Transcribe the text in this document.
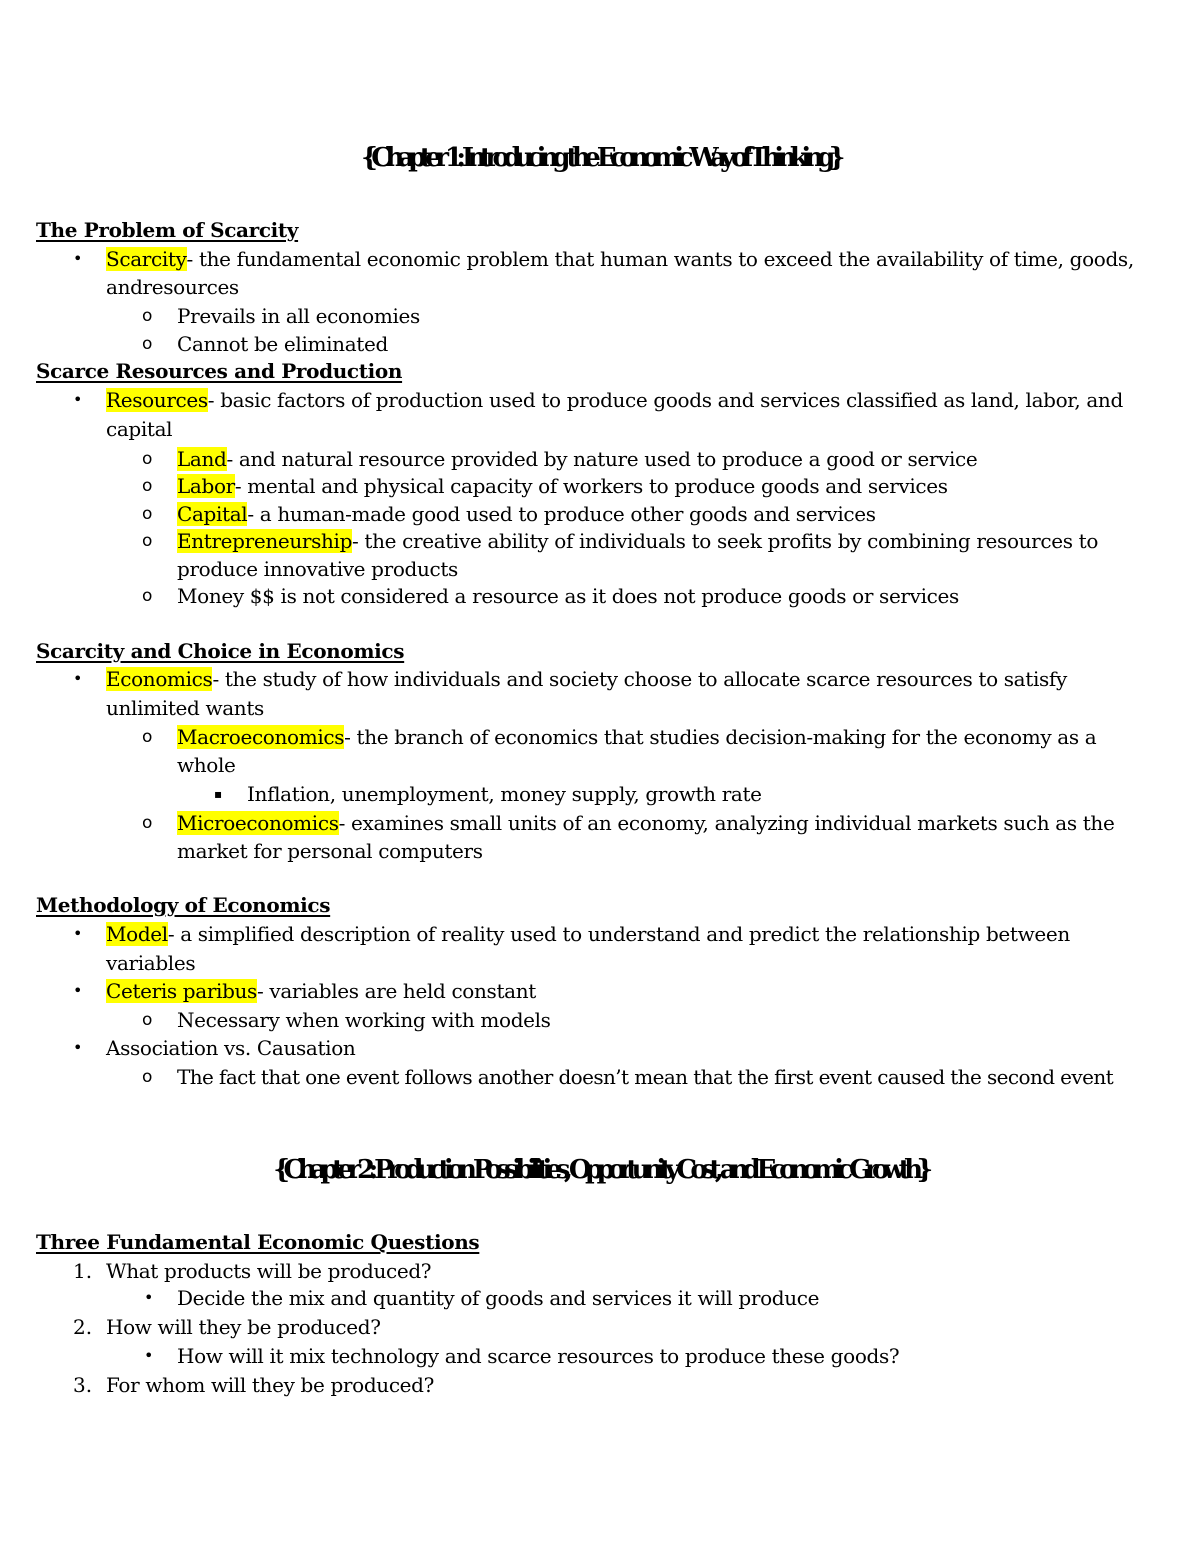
{Chapter 1: Introducing the Economic Way of Thinking}
The Problem of Scarcity
• Scarcity- the fundamental economic problem that human wants to exceed the availability of time, goods,
andresources
o Prevails in all economies
o Cannot be eliminated
Scarce Resources and Production
• Resources- basic factors of production used to produce goods and services classified as land, labor, and
capital
o Land- and natural resource provided by nature used to produce a good or service
o Labor- mental and physical capacity of workers to produce goods and services
o Capital- a human-made good used to produce other goods and services
o Entrepreneurship- the creative ability of individuals to seek profits by combining resources to
produce innovative products
o Money $$ is not considered a resource as it does not produce goods or services
Scarcity and Choice in Economics
• Economics- the study of how individuals and society choose to allocate scarce resources to satisfy
unlimited wants
o Macroeconomics- the branch of economics that studies decision-making for the economy as a
whole
▪ Inflation, unemployment, money supply, growth rate
o Microeconomics- examines small units of an economy, analyzing individual markets such as the
market for personal computers
Methodology of Economics
• Model- a simplified description of reality used to understand and predict the relationship between
variables
• Ceteris paribus- variables are held constant
o Necessary when working with models
• Association vs. Causation
o The fact that one event follows another doesn’t mean that the first event caused the second event
{Chapter 2: Production Possibilities, Opportunity Cost, and Economic Growth}
Three Fundamental Economic Questions
1. What products will be produced?
• Decide the mix and quantity of goods and services it will produce
2. How will they be produced?
• How will it mix technology and scarce resources to produce these goods?
3. For whom will they be produced?
